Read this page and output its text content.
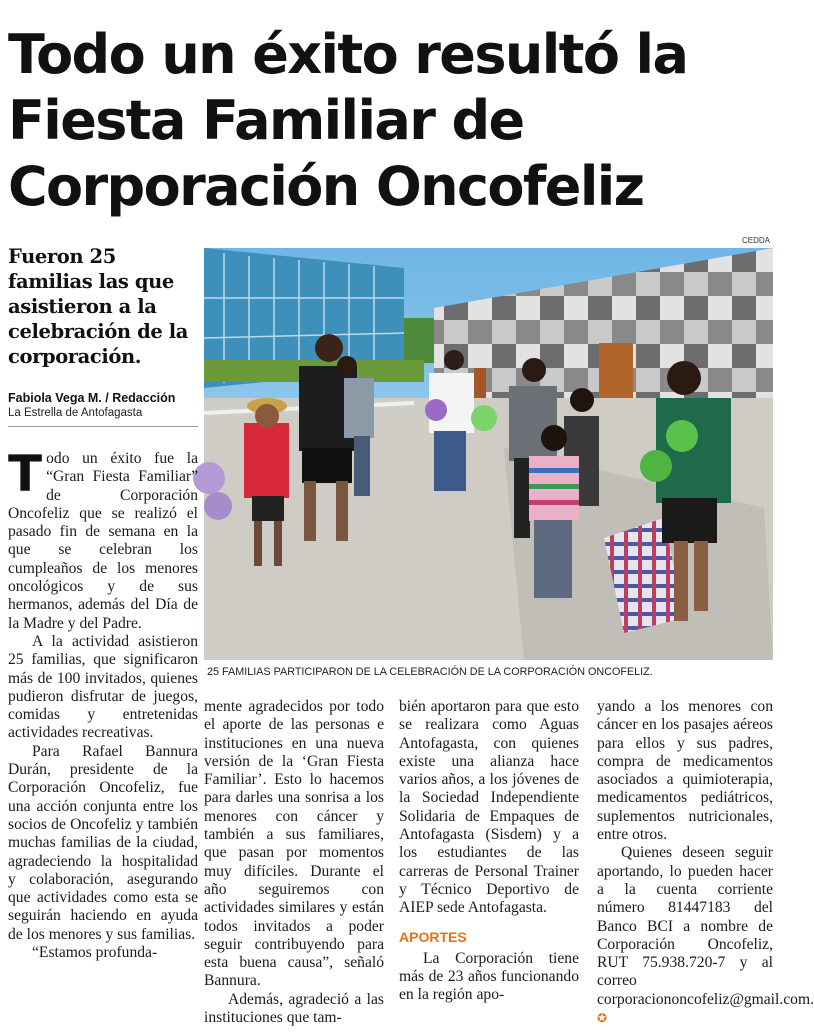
Todo un éxito resultó la
Fiesta Familiar de
Corporación Oncofeliz
Fueron 25 familias las que asistieron a la celebración de la corporación.
Fabiola Vega M. / Redacción
La Estrella de Antofagasta
CEDDA
25 FAMILIAS PARTICIPARON DE LA CELEBRACIÓN DE LA CORPORACIÓN ONCOFELIZ.

Todo un éxito fue la “Gran Fiesta Familiar” de Corporación Oncofeliz que se realizó el pasado fin de semana en la que se celebran los cumpleaños de los menores oncológicos y de sus hermanos, además del Día de la Madre y del Padre.

A la actividad asistieron 25 familias, que significaron más de 100 invitados, quienes pudieron disfrutar de juegos, comidas y entretenidas actividades recreativas.

Para Rafael Bannura Durán, presidente de la Corporación Oncofeliz, fue una acción conjunta entre los socios de Oncofeliz y también muchas familias de la ciudad, agradeciendo la hospitalidad y colaboración, asegurando que actividades como esta se seguirán haciendo en ayuda de los menores y sus familias.

“Estamos profunda-

mente agradecidos por todo el aporte de las personas e instituciones en una nueva versión de la ‘Gran Fiesta Familiar’. Esto lo hacemos para darles una sonrisa a los menores con cáncer y también a sus familiares, que pasan por momentos muy difíciles. Durante el año seguiremos con actividades similares y están todos invitados a poder seguir contribuyendo para esta buena causa”, señaló Bannura.

Además, agradeció a las instituciones que tam-

bién aportaron para que esto se realizara como Aguas Antofagasta, con quienes existe una alianza hace varios años, a los jóvenes de la Sociedad Independiente Solidaria de Empaques de Antofagasta (Sisdem) y a los estudiantes de las carreras de Personal Trainer y Técnico Deportivo de AIEP sede Antofagasta.

APORTES

La Corporación tiene más de 23 años funcionando en la región apo-

yando a los menores con cáncer en los pasajes aéreos para ellos y sus padres, compra de medicamentos asociados a quimioterapia, medicamentos pediátricos, suplementos nutricionales, entre otros.

Quienes deseen seguir aportando, lo pueden hacer a la cuenta corriente número 81447183 del Banco BCI a nombre de Corporación Oncofeliz, RUT 75.938.720-7 y al correo corporaciononcofeliz@gmail.com. ✪
